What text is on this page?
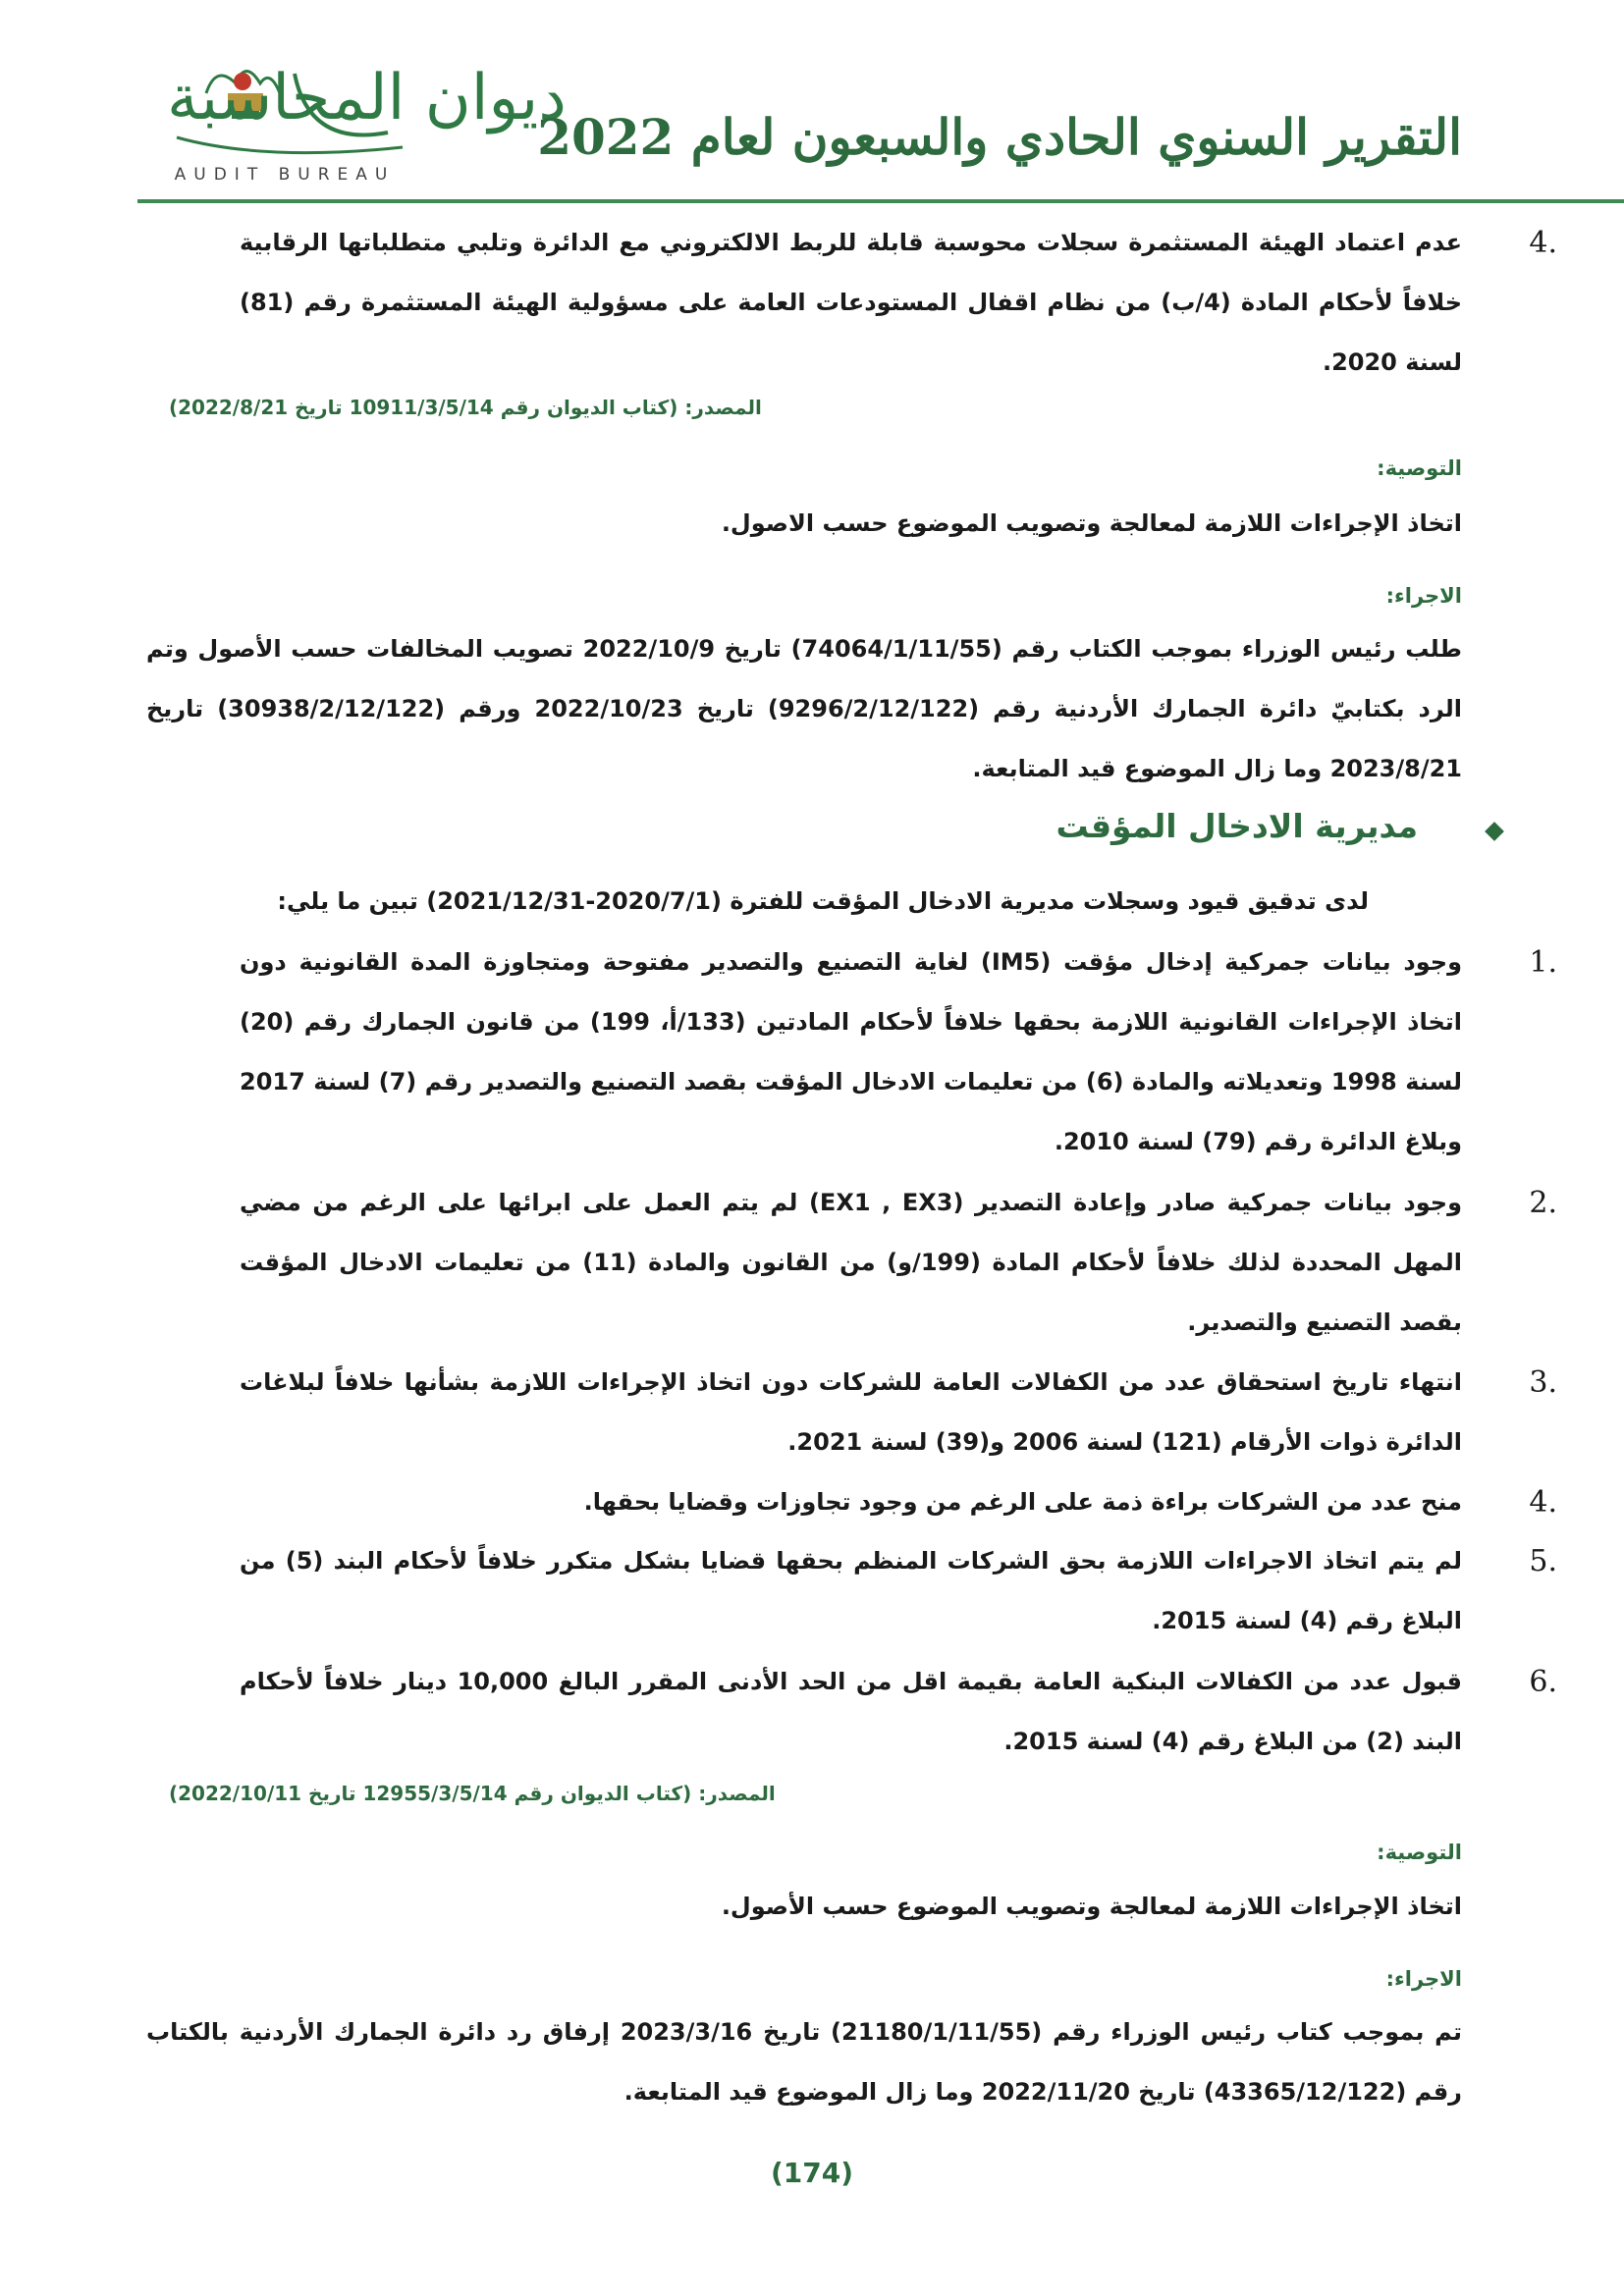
ديوان المحاسبة
AUDIT BUREAU
التقرير السنوي الحادي والسبعون لعام 2022
4.
عدم اعتماد الهيئة المستثمرة سجلات محوسبة قابلة للربط الالكتروني مع الدائرة وتلبي متطلباتها الرقابية خلافاً لأحكام المادة (4/ب) من نظام اقفال المستودعات العامة على مسؤولية الهيئة المستثمرة رقم (81) لسنة 2020.
المصدر: (كتاب الديوان رقم 10911/3/5/14 تاريخ 2022/8/21)
التوصية:
اتخاذ الإجراءات اللازمة لمعالجة وتصويب الموضوع حسب الاصول.
الاجراء:
طلب رئيس الوزراء بموجب الكتاب رقم (74064/1/11/55) تاريخ 2022/10/9 تصويب المخالفات حسب الأصول وتم الرد بكتابيّ دائرة الجمارك الأردنية رقم (9296/2/12/122) تاريخ 2022/10/23 ورقم (30938/2/12/122) تاريخ 2023/8/21 وما زال الموضوع قيد المتابعة.
مديرية الادخال المؤقت
لدى تدقيق قيود وسجلات مديرية الادخال المؤقت للفترة (2020/7/1-2021/12/31) تبين ما يلي:
1.
وجود بيانات جمركية إدخال مؤقت (IM5) لغاية التصنيع والتصدير مفتوحة ومتجاوزة المدة القانونية دون اتخاذ الإجراءات القانونية اللازمة بحقها خلافاً لأحكام المادتين (133/أ، 199) من قانون الجمارك رقم (20) لسنة 1998 وتعديلاته والمادة (6) من تعليمات الادخال المؤقت بقصد التصنيع والتصدير رقم (7) لسنة 2017 وبلاغ الدائرة رقم (79) لسنة 2010.
2.
وجود بيانات جمركية صادر وإعادة التصدير (EX1 , EX3) لم يتم العمل على ابرائها على الرغم من مضي المهل المحددة لذلك خلافاً لأحكام المادة (199/و) من القانون والمادة (11) من تعليمات الادخال المؤقت بقصد التصنيع والتصدير.
3.
انتهاء تاريخ استحقاق عدد من الكفالات العامة للشركات دون اتخاذ الإجراءات اللازمة بشأنها خلافاً لبلاغات الدائرة ذوات الأرقام (121) لسنة 2006 و(39) لسنة 2021.
4.
منح عدد من الشركات براءة ذمة على الرغم من وجود تجاوزات وقضايا بحقها.
5.
لم يتم اتخاذ الاجراءات اللازمة بحق الشركات المنظم بحقها قضايا بشكل متكرر خلافاً لأحكام البند (5) من البلاغ رقم (4) لسنة 2015.
6.
قبول عدد من الكفالات البنكية العامة بقيمة اقل من الحد الأدنى المقرر البالغ 10,000 دينار خلافاً لأحكام البند (2) من البلاغ رقم (4) لسنة 2015.
المصدر: (كتاب الديوان رقم 12955/3/5/14 تاريخ 2022/10/11)
التوصية:
اتخاذ الإجراءات اللازمة لمعالجة وتصويب الموضوع حسب الأصول.
الاجراء:
تم بموجب كتاب رئيس الوزراء رقم (21180/1/11/55) تاريخ 2023/3/16 إرفاق رد دائرة الجمارك الأردنية بالكتاب رقم (43365/12/122) تاريخ 2022/11/20 وما زال الموضوع قيد المتابعة.
(174)
